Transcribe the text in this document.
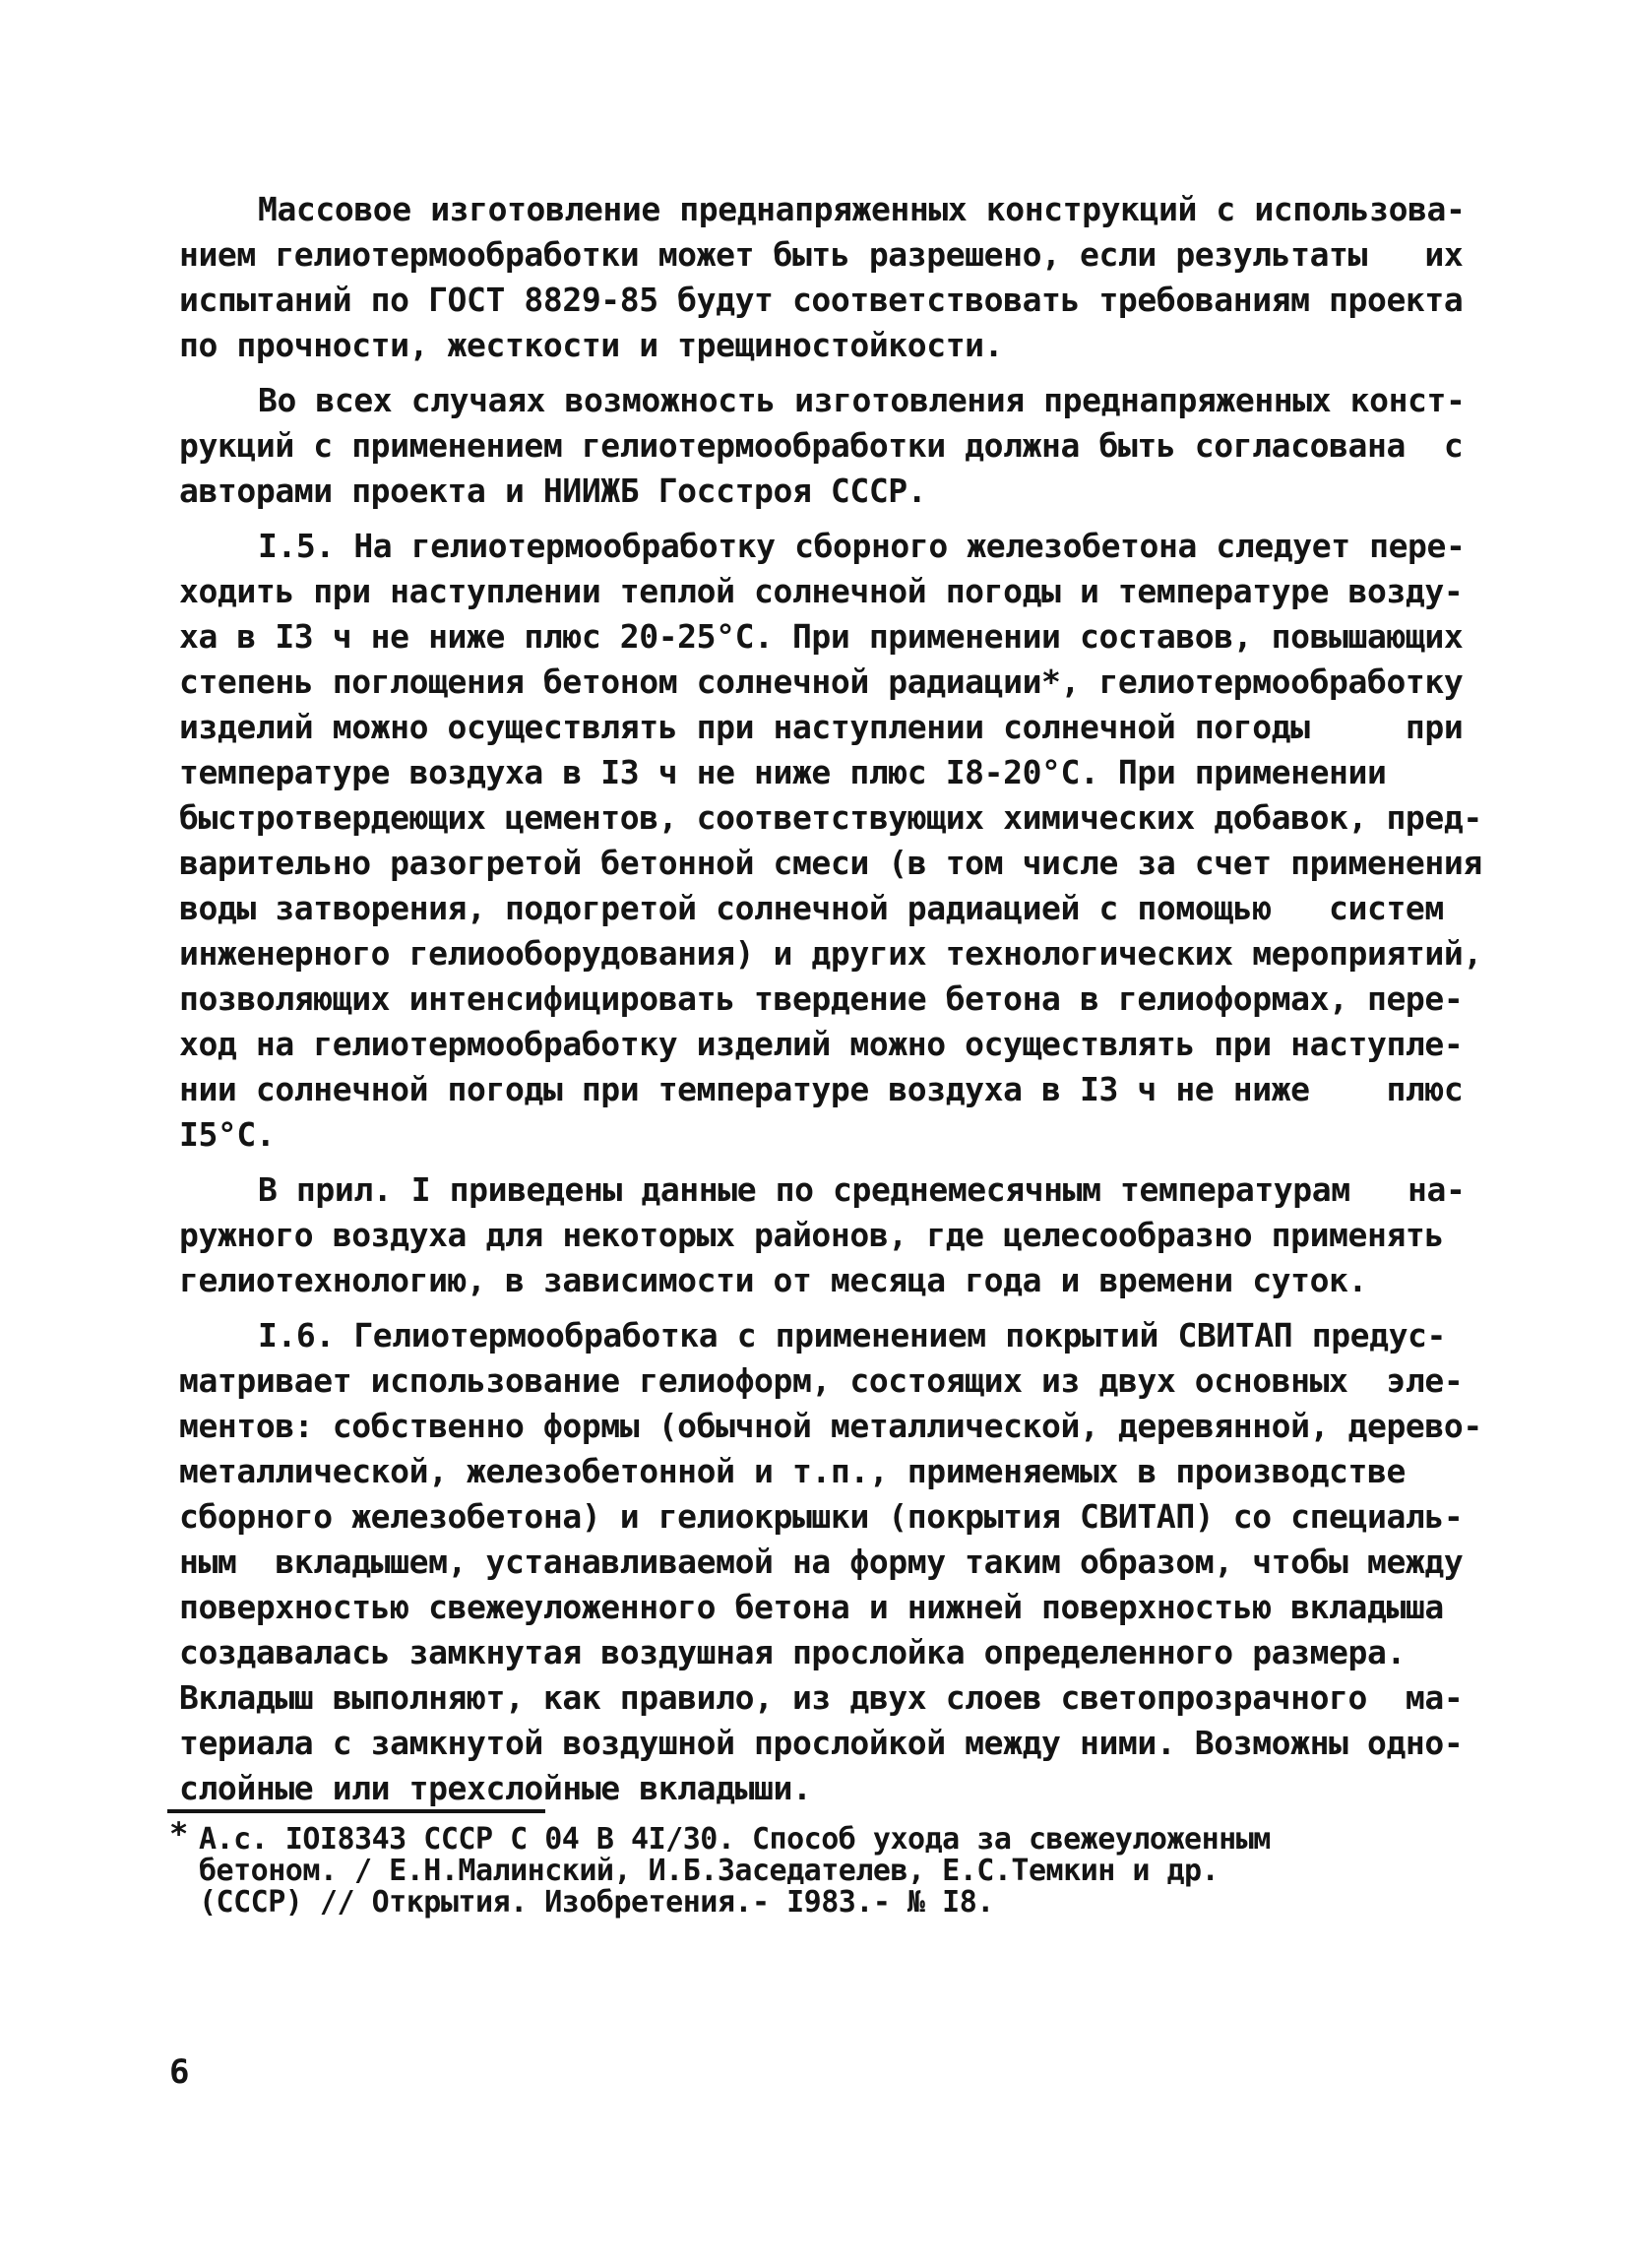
Массовое изготовление преднапряженных конструкций с использова-
нием гелиотермообработки может быть разрешено, если результаты   их
испытаний по ГОСТ 8829-85 будут соответствовать требованиям проекта
по прочности, жесткости и трещиностойкости.
Во всех случаях возможность изготовления преднапряженных конст-
рукций с применением гелиотермообработки должна быть согласована  с
авторами проекта и НИИЖБ Госстроя СССР.
I.5. На гелиотермообработку сборного железобетона следует пере-
ходить при наступлении теплой солнечной погоды и температуре возду-
ха в I3 ч не ниже плюс 20-25°С. При применении составов, повышающих
степень поглощения бетоном солнечной радиации*, гелиотермообработку
изделий можно осуществлять при наступлении солнечной погоды     при
температуре воздуха в I3 ч не ниже плюс I8-20°С. При применении
быстротвердеющих цементов, соответствующих химических добавок, пред-
варительно разогретой бетонной смеси (в том числе за счет применения
воды затворения, подогретой солнечной радиацией с помощью   систем
инженерного гелиооборудования) и других технологических мероприятий,
позволяющих интенсифицировать твердение бетона в гелиоформах, пере-
ход на гелиотермообработку изделий можно осуществлять при наступле-
нии солнечной погоды при температуре воздуха в I3 ч не ниже    плюс
I5°С.
В прил. I приведены данные по среднемесячным температурам   на-
ружного воздуха для некоторых районов, где целесообразно применять
гелиотехнологию, в зависимости от месяца года и времени суток.
I.6. Гелиотермообработка с применением покрытий СВИТАП предус-
матривает использование гелиоформ, состоящих из двух основных  эле-
ментов: собственно формы (обычной металлической, деревянной, дерево-
металлической, железобетонной и т.п., применяемых в производстве
сборного железобетона) и гелиокрышки (покрытия СВИТАП) со специаль-
ным  вкладышем, устанавливаемой на форму таким образом, чтобы между
поверхностью свежеуложенного бетона и нижней поверхностью вкладыша
создавалась замкнутая воздушная прослойка определенного размера.
Вкладыш выполняют, как правило, из двух слоев светопрозрачного  ма-
териала с замкнутой воздушной прослойкой между ними. Возможны одно-
слойные или трехслойные вкладыши.
* А.с. IOI8343 СССР С 04 В 4I/30. Способ ухода за свежеуложенным
бетоном. / Е.Н.Малинский, И.Б.Заседателев, Е.С.Темкин и др.
(СССР) // Открытия. Изобретения.- I983.- № I8.
6
